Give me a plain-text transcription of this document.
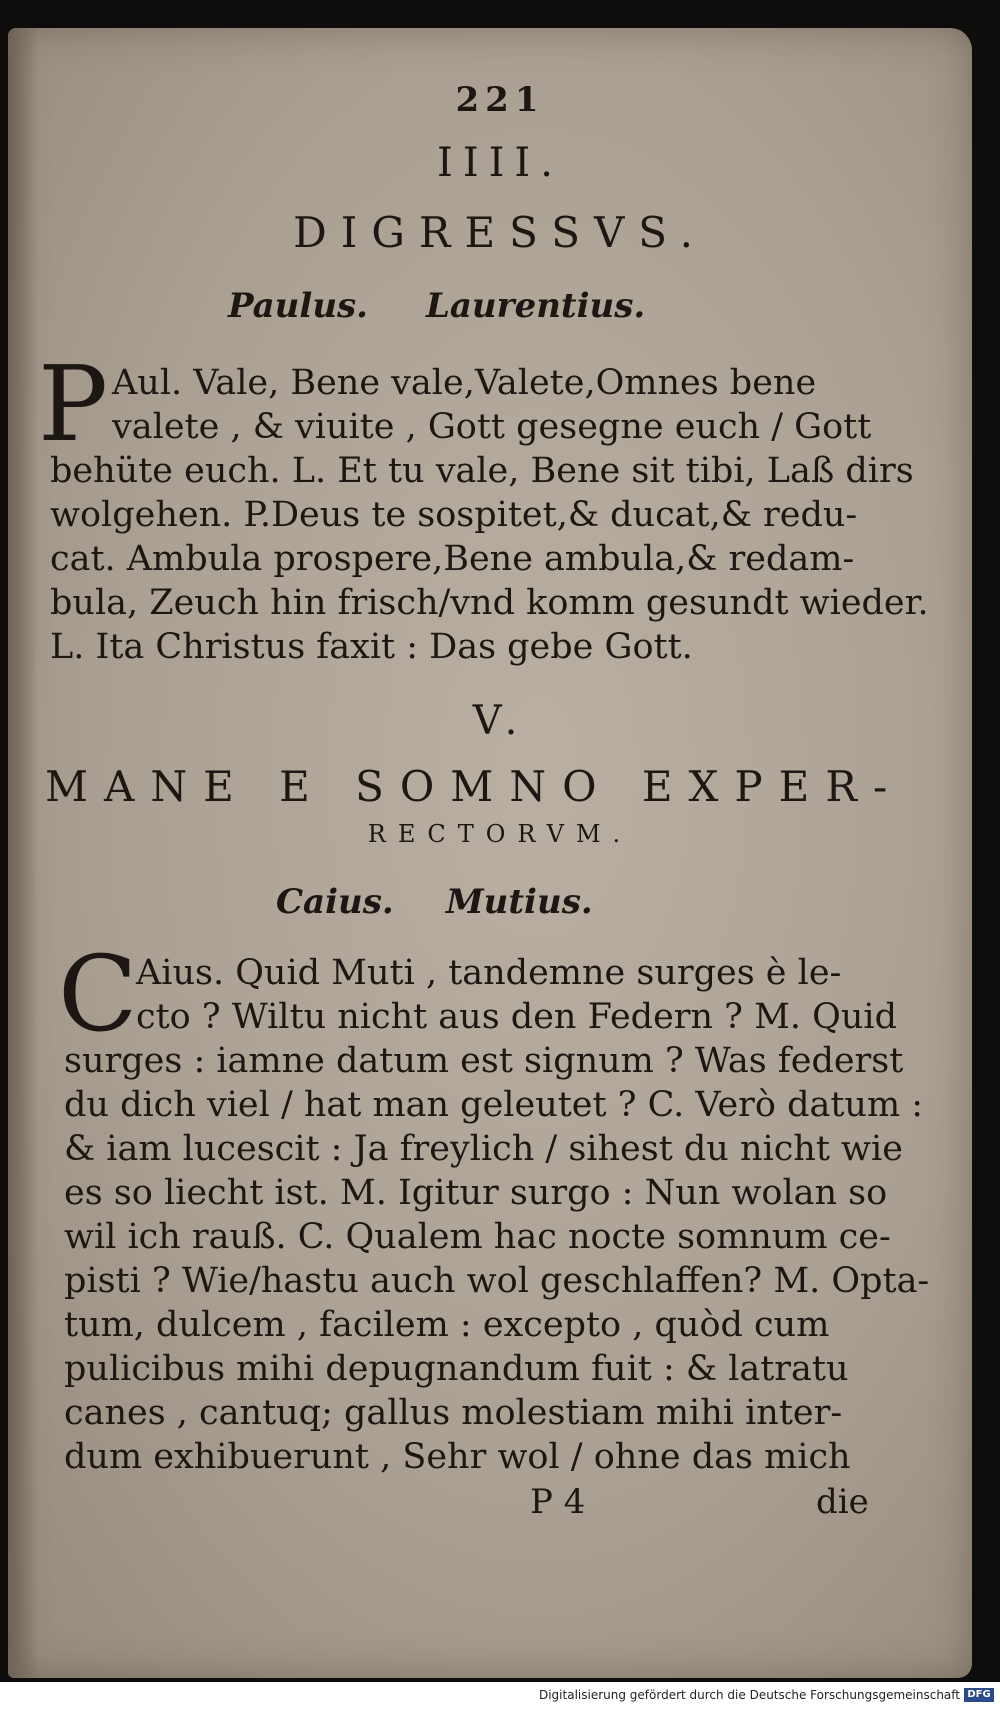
221
IIII.
DIGRESSVS.
Paulus. Laurentius.
P Aul. Vale, Bene vale,Valete,Omnes bene
valete , & viuite , Gott gesegne euch / Gott
behüte euch. L. Et tu vale, Bene sit tibi, Laß dirs
wolgehen. P.Deus te sospitet,& ducat,& redu-
cat. Ambula prospere,Bene ambula,& redam-
bula, Zeuch hin frisch/vnd komm gesundt wieder.
L. Ita Christus faxit : Das gebe Gott.
V.
MANE E SOMNO EXPER-
RECTORVM.
Caius. Mutius.
C
Aius. Quid Muti , tandemne surges è le-
cto ? Wiltu nicht aus den Federn ? M. Quid
surges : iamne datum est signum ? Was federst
du dich viel / hat man geleutet ? C. Verò datum :
& iam lucescit : Ja freylich / sihest du nicht wie
es so liecht ist. M. Igitur surgo : Nun wolan so
wil ich rauß. C. Qualem hac nocte somnum ce-
pisti ? Wie/hastu auch wol geschlaffen? M. Opta-
tum, dulcem , facilem : excepto , quòd cum
pulicibus mihi depugnandum fuit : & latratu
canes , cantuq; gallus molestiam mihi inter-
dum exhibuerunt , Sehr wol / ohne das mich
P 4	die
Digitalisierung gefördert durch die Deutsche Forschungsgemeinschaft DFG
